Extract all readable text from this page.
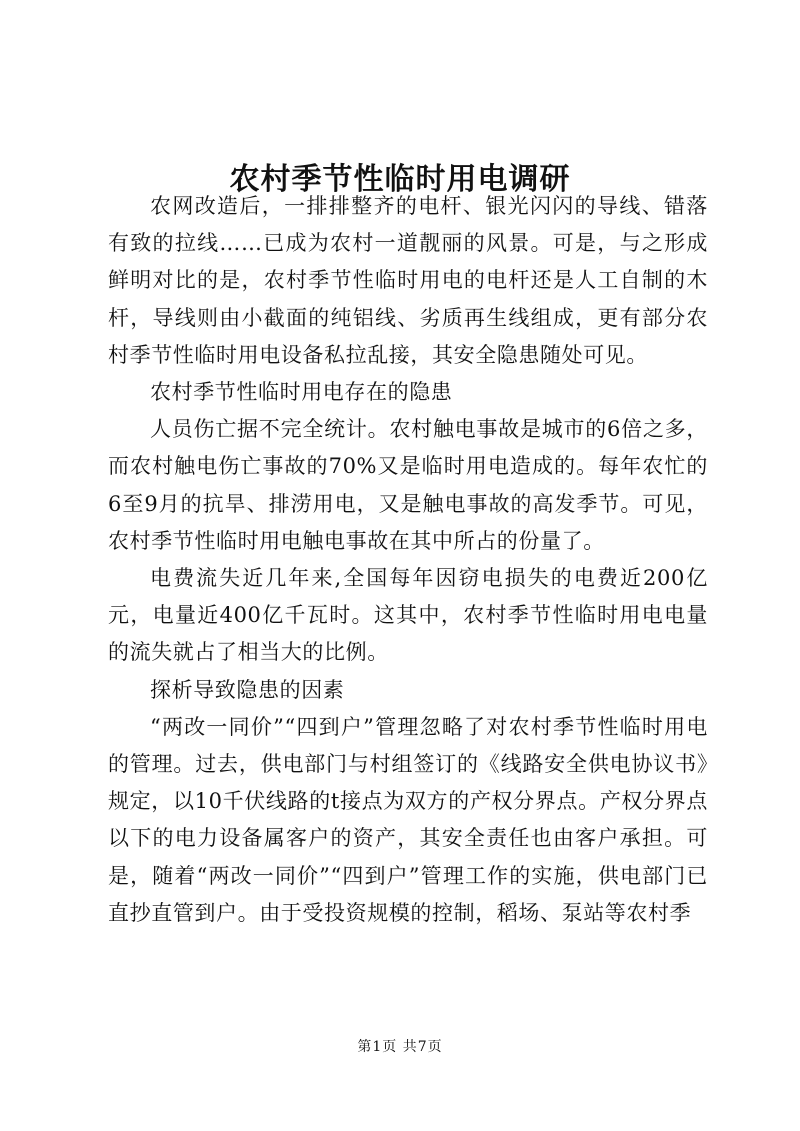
农村季节性临时用电调研

农网改造后，一排排整齐的电杆、银光闪闪的导线、错落有致的拉线……已成为农村一道靓丽的风景。可是，与之形成鲜明对比的是，农村季节性临时用电的电杆还是人工自制的木杆，导线则由小截面的纯铝线、劣质再生线组成，更有部分农村季节性临时用电设备私拉乱接，其安全隐患随处可见。

农村季节性临时用电存在的隐患

人员伤亡据不完全统计。农村触电事故是城市的6倍之多，而农村触电伤亡事故的70%又是临时用电造成的。每年农忙的6至9月的抗旱、排涝用电，又是触电事故的高发季节。可见，农村季节性临时用电触电事故在其中所占的份量了。

电费流失近几年来,全国每年因窃电损失的电费近200亿元，电量近400亿千瓦时。这其中，农村季节性临时用电电量的流失就占了相当大的比例。

探析导致隐患的因素

“两改一同价”“四到户”管理忽略了对农村季节性临时用电的管理。过去，供电部门与村组签订的《线路安全供电协议书》规定，以10千伏线路的t接点为双方的产权分界点。产权分界点以下的电力设备属客户的资产，其安全责任也由客户承担。可是，随着“两改一同价”“四到户”管理工作的实施，供电部门已直抄直管到户。由于受投资规模的控制，稻场、泵站等农村季

第1页 共7页
